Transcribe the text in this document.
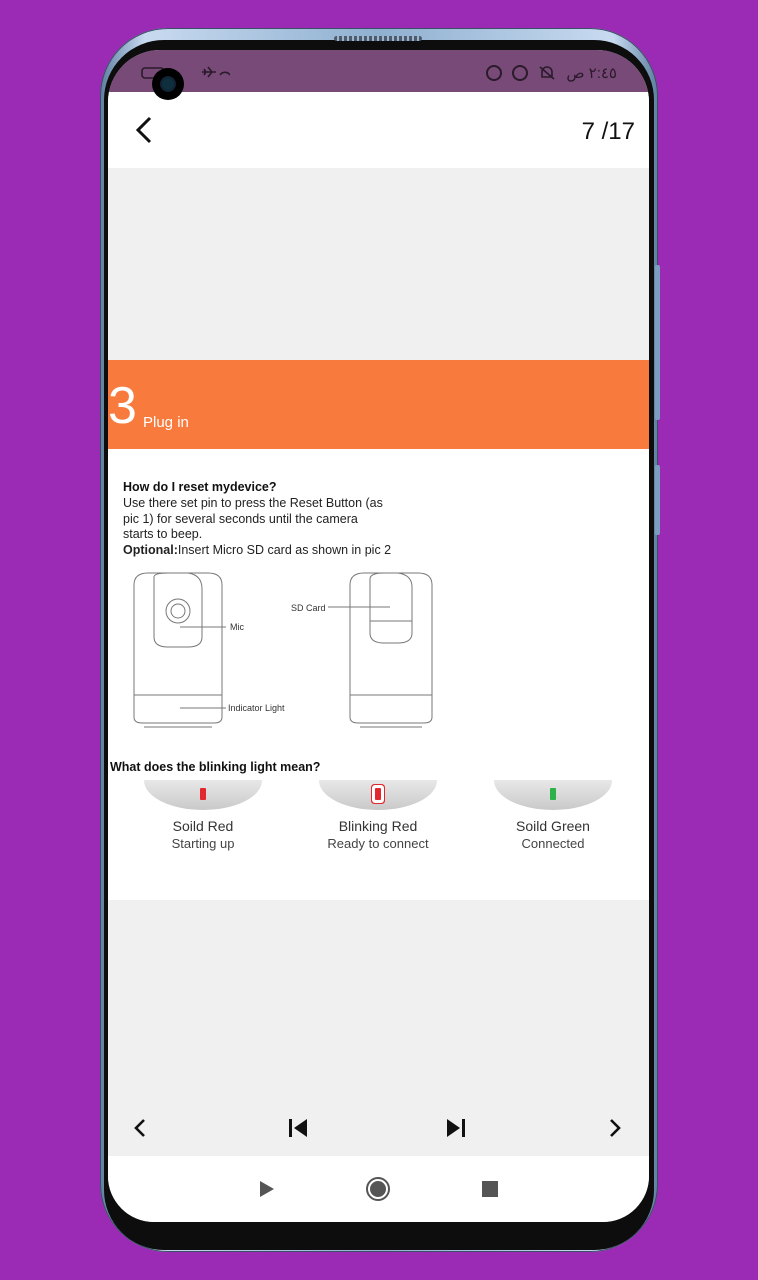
٢:٤٥ ص
7 /17
3 Plug in
How do I reset mydevice?
Use there set pin to press the Reset Button (as
pic 1) for several seconds until the camera
starts to beep.
Optional:Insert Micro SD card as shown in pic 2
Mic
Indicator Light
SD Card
What does the blinking light mean?
Soild Red
Starting up
Blinking Red
Ready to connect
Soild Green
Connected
